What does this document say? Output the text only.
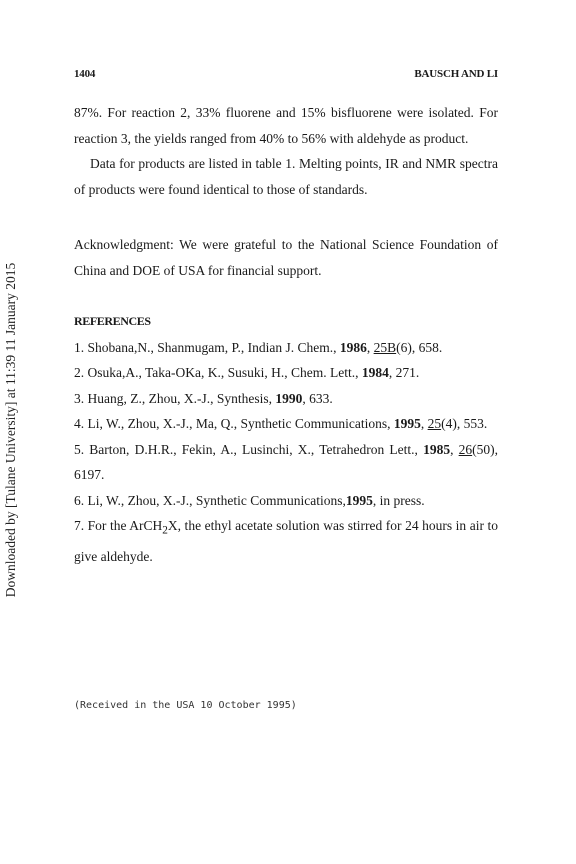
Downloaded by [Tulane University] at 11:39 11 January 2015
1404	BAUSCH AND LI

87%. For reaction 2, 33% fluorene and 15% bisfluorene were isolated. For reaction 3, the yields ranged from 40% to 56% with aldehyde as product.

Data for products are listed in table 1. Melting points, IR and NMR spectra of products were found identical to those of standards.

Acknowledgment: We were grateful to the National Science Foundation of China and DOE of USA for financial support.

REFERENCES

1. Shobana,N., Shanmugam, P., Indian J. Chem., 1986, 25B(6), 658.

2. Osuka,A., Taka-OKa, K., Susuki, H., Chem. Lett., 1984, 271.

3. Huang, Z., Zhou, X.-J., Synthesis, 1990, 633.

4. Li, W., Zhou, X.-J., Ma, Q., Synthetic Communications, 1995, 25(4), 553.

5. Barton, D.H.R., Fekin, A., Lusinchi, X., Tetrahedron Lett., 1985, 26(50), 6197.

6. Li, W., Zhou, X.-J., Synthetic Communications,1995, in press.

7. For the ArCH$_2$X, the ethyl acetate solution was stirred for 24 hours in air to give aldehyde.

(Received in the USA 10 October 1995)
